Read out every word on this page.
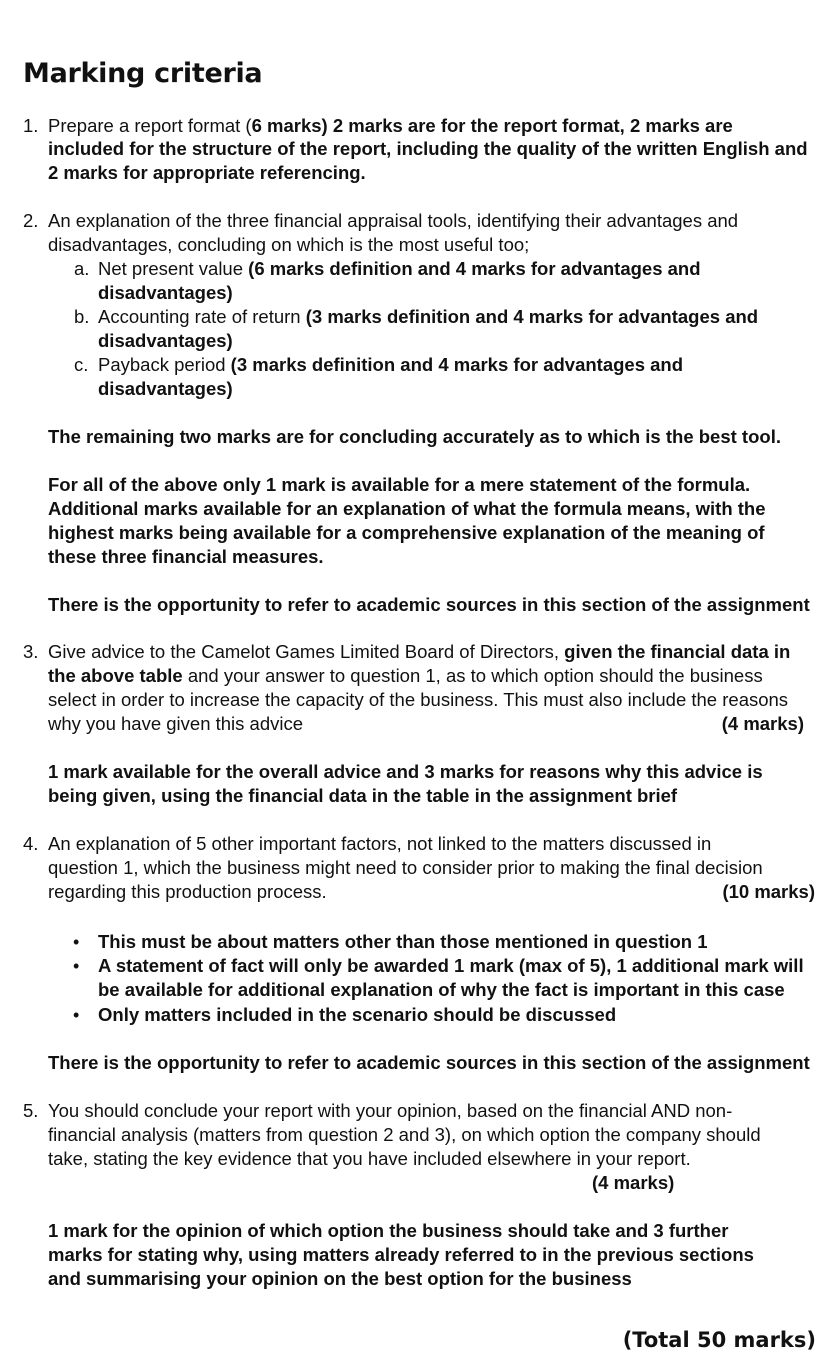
Marking criteria
1. Prepare a report format (6 marks) 2 marks are for the report format, 2 marks are
included for the structure of the report, including the quality of the written English and
2 marks for appropriate referencing.
2. An explanation of the three financial appraisal tools, identifying their advantages and
disadvantages, concluding on which is the most useful too;
a. Net present value (6 marks definition and 4 marks for advantages and
disadvantages)
b. Accounting rate of return (3 marks definition and 4 marks for advantages and
disadvantages)
c. Payback period (3 marks definition and 4 marks for advantages and
disadvantages)
The remaining two marks are for concluding accurately as to which is the best tool.
For all of the above only 1 mark is available for a mere statement of the formula.
Additional marks available for an explanation of what the formula means, with the
highest marks being available for a comprehensive explanation of the meaning of
these three financial measures.
There is the opportunity to refer to academic sources in this section of the assignment
3. Give advice to the Camelot Games Limited Board of Directors, given the financial data in
the above table and your answer to question 1, as to which option should the business
select in order to increase the capacity of the business. This must also include the reasons
why you have given this advice	(4 marks)
1 mark available for the overall advice and 3 marks for reasons why this advice is
being given, using the financial data in the table in the assignment brief
4. An explanation of 5 other important factors, not linked to the matters discussed in
question 1, which the business might need to consider prior to making the final decision
regarding this production process.	(10 marks)
• This must be about matters other than those mentioned in question 1
• A statement of fact will only be awarded 1 mark (max of 5), 1 additional mark will
be available for additional explanation of why the fact is important in this case
• Only matters included in the scenario should be discussed
There is the opportunity to refer to academic sources in this section of the assignment
5. You should conclude your report with your opinion, based on the financial AND non-
financial analysis (matters from question 2 and 3), on which option the company should
take, stating the key evidence that you have included elsewhere in your report.
(4 marks)
1 mark for the opinion of which option the business should take and 3 further
marks for stating why, using matters already referred to in the previous sections
and summarising your opinion on the best option for the business
(Total 50 marks)
